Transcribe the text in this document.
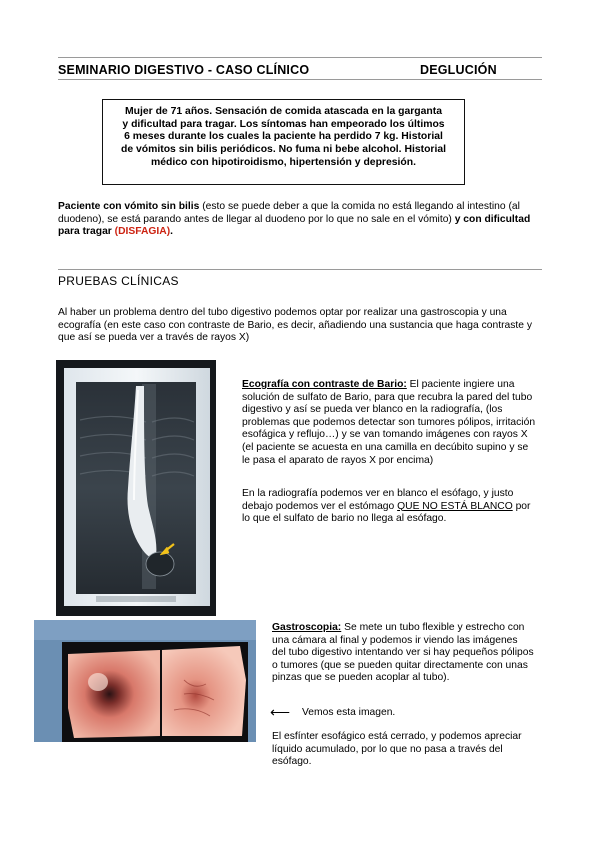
SEMINARIO DIGESTIVO - CASO CLÍNICO	DEGLUCIÓN
Mujer de 71 años. Sensación de comida atascada en la garganta
y dificultad para tragar. Los síntomas han empeorado los últimos
6 meses durante los cuales la paciente ha perdido 7 kg. Historial
de vómitos sin bilis periódicos. No fuma ni bebe alcohol. Historial
médico con hipotiroidismo, hipertensión y depresión.
Paciente con vómito sin bilis (esto se puede deber a que la comida no está llegando al intestino (al duodeno), se está parando antes de llegar al duodeno por lo que no sale en el vómito) y con dificultad para tragar (DISFAGIA).
PRUEBAS CLÍNICAS
Al haber un problema dentro del tubo digestivo podemos optar por realizar una gastroscopia y una ecografía (en este caso con contraste de Bario, es decir, añadiendo una sustancia que haga contraste y que así se pueda ver a través de rayos X)
Ecografía con contraste de Bario: El paciente ingiere una solución de sulfato de Bario, para que recubra la pared del tubo digestivo y así se pueda ver blanco en la radiografía, (los problemas que podemos detectar son tumores pólipos, irritación esofágica y reflujo…) y se van tomando imágenes con rayos X (el paciente se acuesta en una camilla en decúbito supino y se le pasa el aparato de rayos X por encima)
En la radiografía podemos ver en blanco el esófago, y justo debajo podemos ver el estómago QUE NO ESTÁ BLANCO por lo que el sulfato de bario no llega al esófago.
Gastroscopia: Se mete un tubo flexible y estrecho con una cámara al final y podemos ir viendo las imágenes del tubo digestivo intentando ver si hay pequeños pólipos o tumores (que se pueden quitar directamente con unas pinzas que se pueden acoplar al tubo).
⟵ Vemos esta imagen.
El esfínter esofágico está cerrado, y podemos apreciar líquido acumulado, por lo que no pasa a través del esófago.
